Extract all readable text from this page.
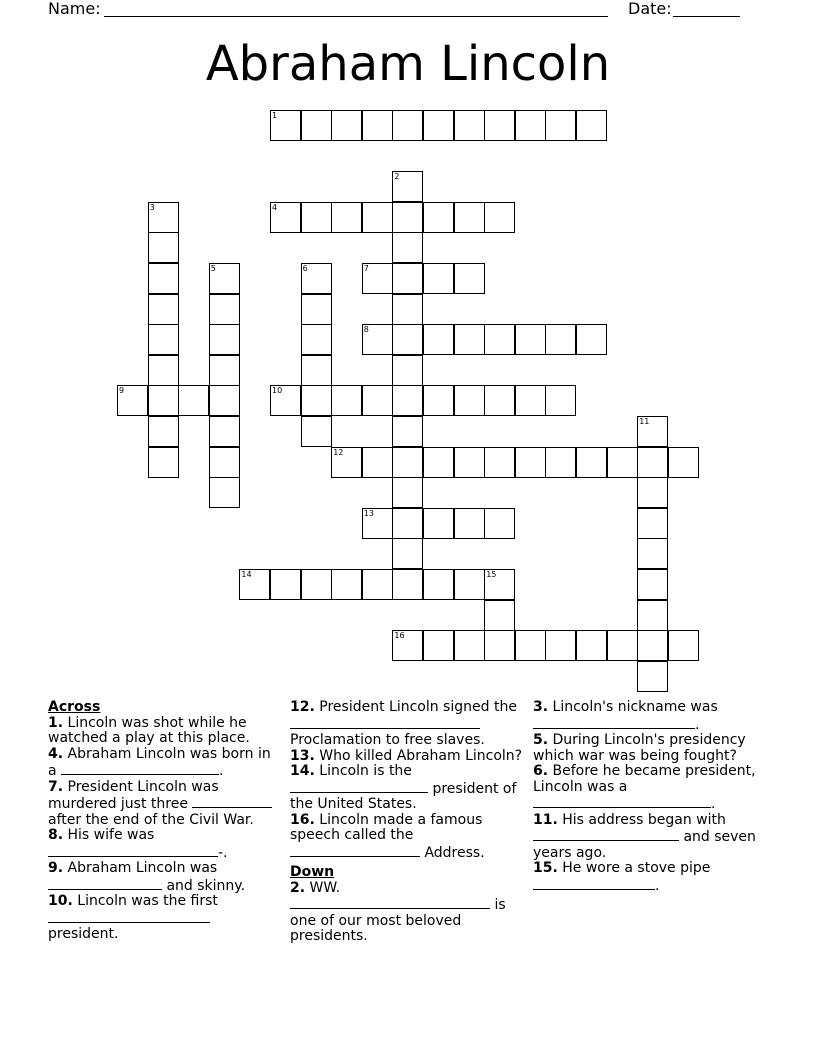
Name:	Date:
Abraham Lincoln
1
2
3	4
5	6	7
8
9	10
11
12
13
14	15
16
Across
1. Lincoln was shot while he watched a play at this place.
4. Abraham Lincoln was born in a	.
7. President Lincoln was murdered just three  after the end of the Civil War.
8. His wife was
-.
9. Abraham Lincoln was
and skinny.
10. Lincoln was the first

president.
12. President Lincoln signed the

Proclamation to free slaves.
13. Who killed Abraham Lincoln?
14. Lincoln is the
president of the United States.
16. Lincoln made a famous speech called the
Address.
Down
2. WW.
is one of our most beloved presidents.
3. Lincoln's nickname was
.
5. During Lincoln's presidency which war was being fought?
6. Before he became president, Lincoln was a
.
11. His address began with
and seven years ago.
15. He wore a stove pipe
.
